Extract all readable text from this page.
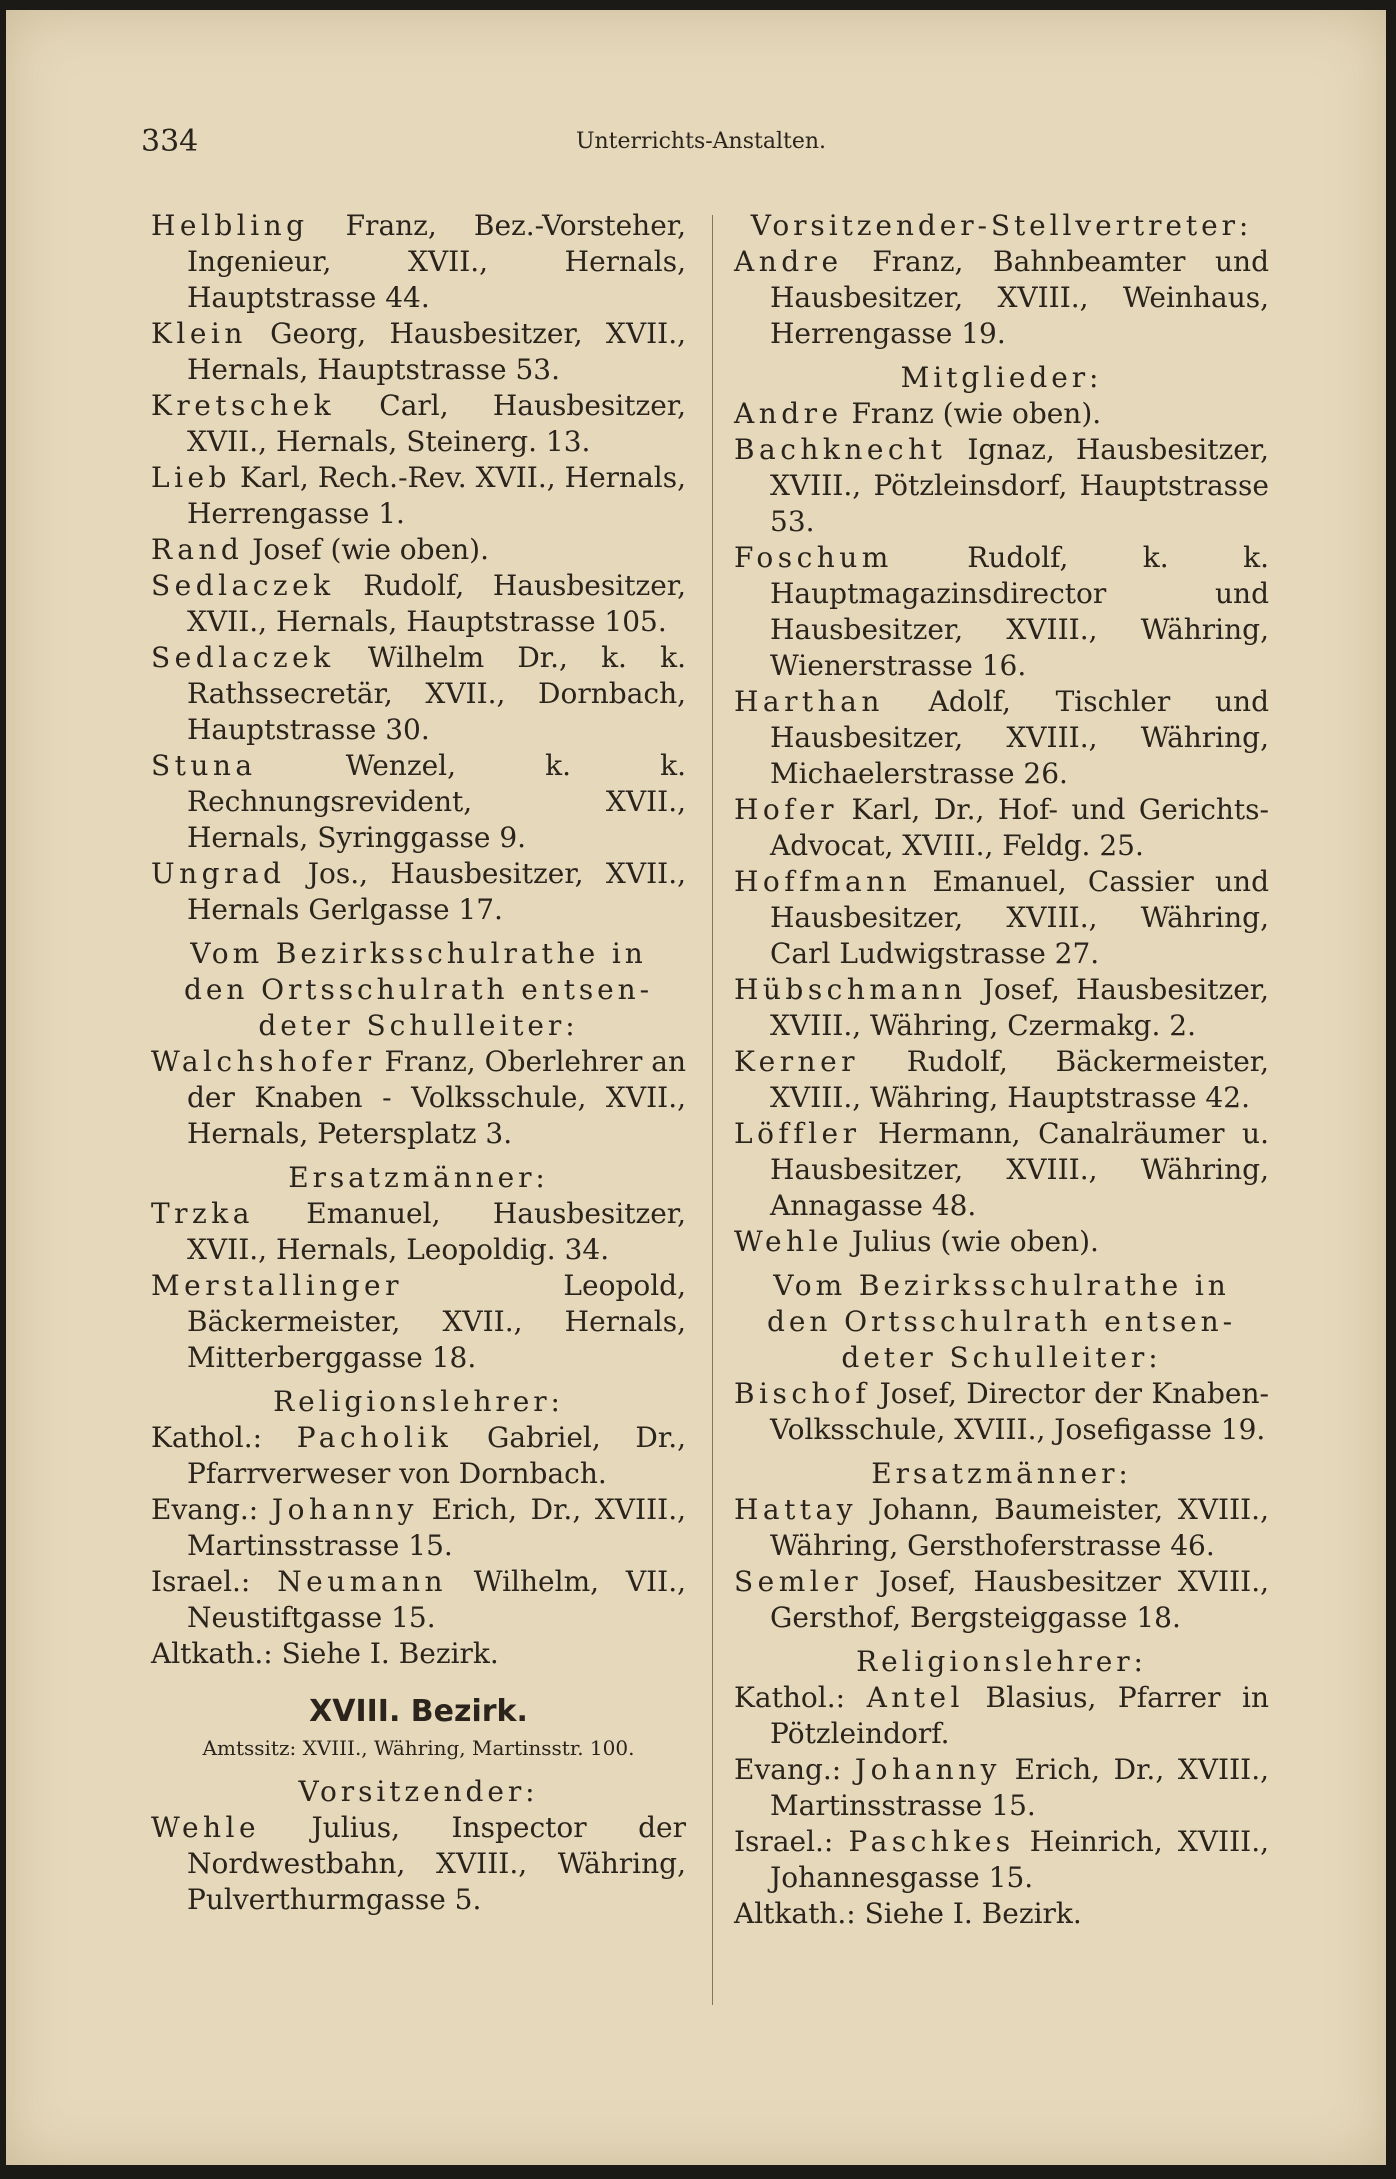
334	Unterrichts-Anstalten.
Helbling Franz, Bez.-Vorsteher, Ingenieur, XVII., Hernals, Hauptstrasse 44.
Klein Georg, Hausbesitzer, XVII., Hernals, Hauptstrasse 53.
Kretschek Carl, Hausbesitzer, XVII., Hernals, Steinerg. 13.
Lieb Karl, Rech.-Rev. XVII., Hernals, Herrengasse 1.
Rand Josef (wie oben).
Sedlaczek Rudolf, Hausbesitzer, XVII., Hernals, Hauptstrasse 105.
Sedlaczek Wilhelm Dr., k. k. Rathssecretär, XVII., Dornbach, Hauptstrasse 30.
Stuna Wenzel, k. k. Rechnungsrevident, XVII., Hernals, Syringgasse 9.
Ungrad Jos., Hausbesitzer, XVII., Hernals Gerlgasse 17.
Vom Bezirksschulrathe in
den Ortsschulrath entsen-
deter Schulleiter:
Walchshofer Franz, Oberlehrer an der Knaben - Volksschule, XVII., Hernals, Petersplatz 3.
Ersatzmänner:
Trzka Emanuel, Hausbesitzer, XVII., Hernals, Leopoldig. 34.
Merstallinger Leopold, Bäckermeister, XVII., Hernals, Mitterberggasse 18.
Religionslehrer:
Kathol.: Pacholik Gabriel, Dr., Pfarrverweser von Dornbach.
Evang.: Johanny Erich, Dr., XVIII., Martinsstrasse 15.
Israel.: Neumann Wilhelm, VII., Neustiftgasse 15.
Altkath.: Siehe I. Bezirk.
XVIII. Bezirk.
Amtssitz: XVIII., Währing, Martinsstr. 100.
Vorsitzender:
Wehle Julius, Inspector der Nordwestbahn, XVIII., Währing, Pulverthurmgasse 5.
Vorsitzender-Stellvertreter:
Andre Franz, Bahnbeamter und Hausbesitzer, XVIII., Weinhaus, Herrengasse 19.
Mitglieder:
Andre Franz (wie oben).
Bachknecht Ignaz, Hausbesitzer, XVIII., Pötzleinsdorf, Hauptstrasse 53.
Foschum Rudolf, k. k. Hauptmagazinsdirector und Hausbesitzer, XVIII., Währing, Wienerstrasse 16.
Harthan Adolf, Tischler und Hausbesitzer, XVIII., Währing, Michaelerstrasse 26.
Hofer Karl, Dr., Hof- und Gerichts-Advocat, XVIII., Feldg. 25.
Hoffmann Emanuel, Cassier und Hausbesitzer, XVIII., Währing, Carl Ludwigstrasse 27.
Hübschmann Josef, Hausbesitzer, XVIII., Währing, Czermakg. 2.
Kerner Rudolf, Bäckermeister, XVIII., Währing, Hauptstrasse 42.
Löffler Hermann, Canalräumer u. Hausbesitzer, XVIII., Währing, Annagasse 48.
Wehle Julius (wie oben).
Vom Bezirksschulrathe in
den Ortsschulrath entsen-
deter Schulleiter:
Bischof Josef, Director der Knaben-Volksschule, XVIII., Josefigasse 19.
Ersatzmänner:
Hattay Johann, Baumeister, XVIII., Währing, Gersthoferstrasse 46.
Semler Josef, Hausbesitzer XVIII., Gersthof, Bergsteiggasse 18.
Religionslehrer:
Kathol.: Antel Blasius, Pfarrer in Pötzleindorf.
Evang.: Johanny Erich, Dr., XVIII., Martinsstrasse 15.
Israel.: Paschkes Heinrich, XVIII., Johannesgasse 15.
Altkath.: Siehe I. Bezirk.
